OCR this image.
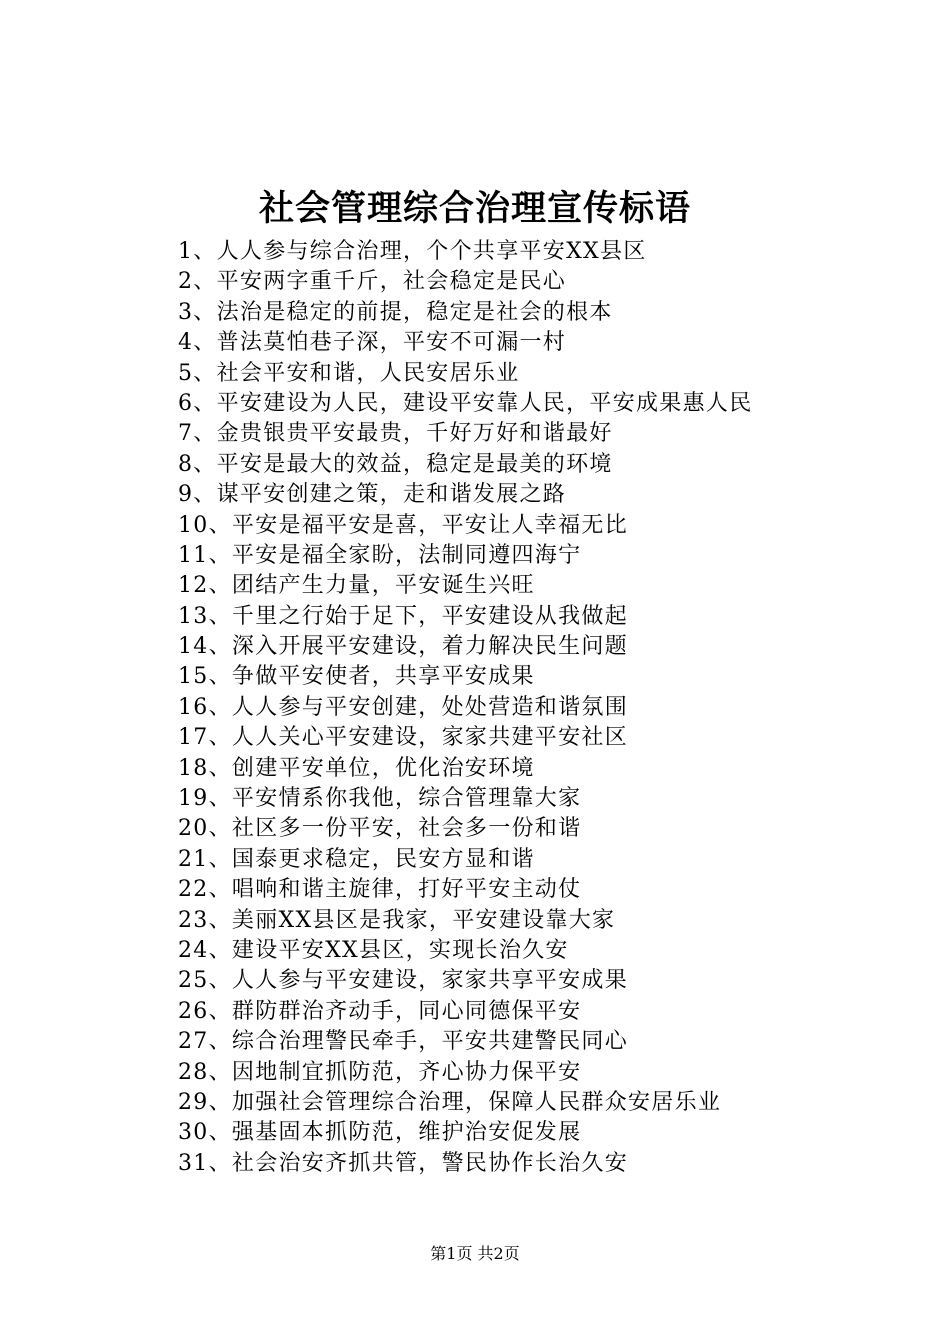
社会管理综合治理宣传标语
1、人人参与综合治理，个个共享平安XX县区
2、平安两字重千斤，社会稳定是民心
3、法治是稳定的前提，稳定是社会的根本
4、普法莫怕巷子深，平安不可漏一村
5、社会平安和谐，人民安居乐业
6、平安建设为人民，建设平安靠人民，平安成果惠人民
7、金贵银贵平安最贵，千好万好和谐最好
8、平安是最大的效益，稳定是最美的环境
9、谋平安创建之策，走和谐发展之路
10、平安是福平安是喜，平安让人幸福无比
11、平安是福全家盼，法制同遵四海宁
12、团结产生力量，平安诞生兴旺
13、千里之行始于足下，平安建设从我做起
14、深入开展平安建设，着力解决民生问题
15、争做平安使者，共享平安成果
16、人人参与平安创建，处处营造和谐氛围
17、人人关心平安建设，家家共建平安社区
18、创建平安单位，优化治安环境
19、平安情系你我他，综合管理靠大家
20、社区多一份平安，社会多一份和谐
21、国泰更求稳定，民安方显和谐
22、唱响和谐主旋律，打好平安主动仗
23、美丽XX县区是我家，平安建设靠大家
24、建设平安XX县区，实现长治久安
25、人人参与平安建设，家家共享平安成果
26、群防群治齐动手，同心同德保平安
27、综合治理警民牵手，平安共建警民同心
28、因地制宜抓防范，齐心协力保平安
29、加强社会管理综合治理，保障人民群众安居乐业
30、强基固本抓防范，维护治安促发展
31、社会治安齐抓共管，警民协作长治久安
第1页 共2页
